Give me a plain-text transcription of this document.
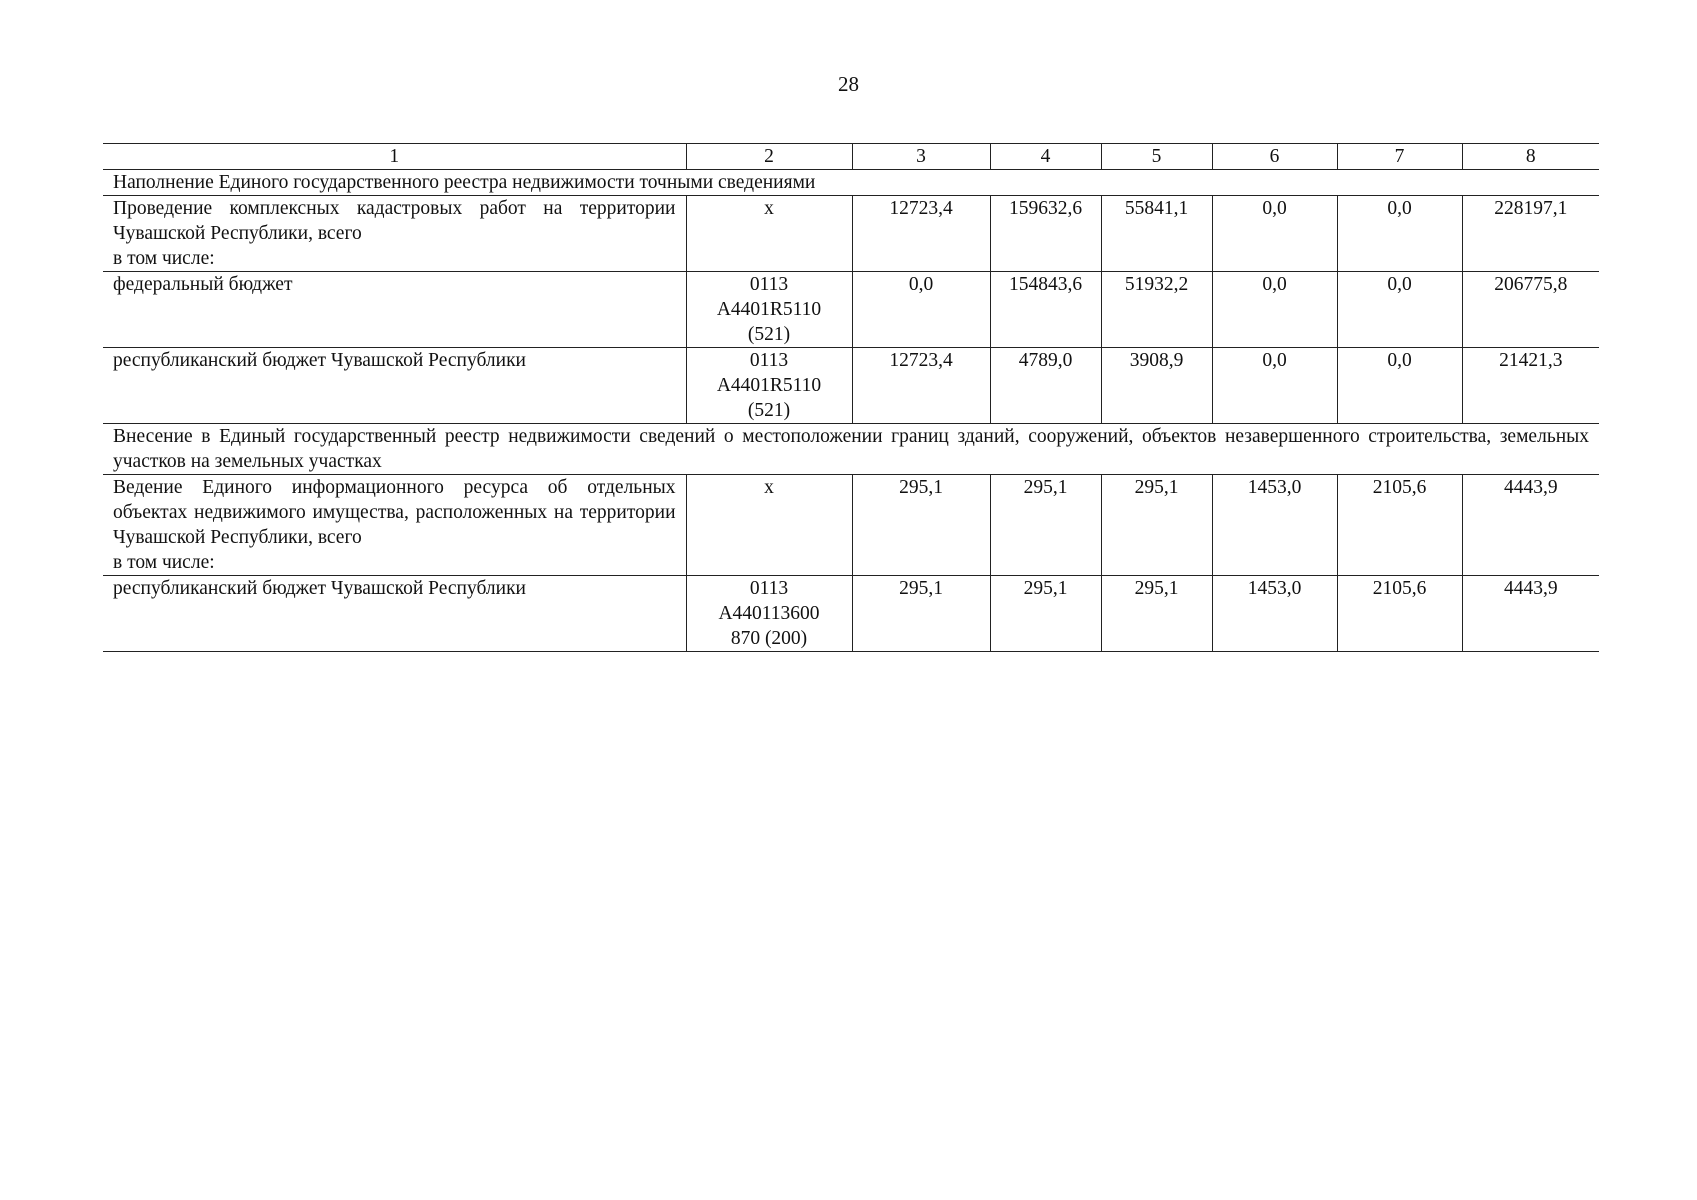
28
1	2	3	4	5	6	7	8
Наполнение Единого государственного реестра недвижимости точными сведениями							

Проведение комплексных кадастровых работ на территории Чувашской Республики, всего
в том числе:	х	12723,4	159632,6	55841,1	0,0	0,0	228197,1

федеральный бюджет	0113
А4401R5110
(521)	0,0	154843,6	51932,2	0,0	0,0	206775,8

республиканский бюджет Чувашской Республики	0113
А4401R5110
(521)	12723,4	4789,0	3908,9	0,0	0,0	21421,3
Внесение в Единый государственный реестр недвижимости сведений о местоположении границ зданий, сооружений, объектов незавершенного строительства, земельных участков на земельных участках							

Ведение Единого информационного ресурса об отдельных объектах недвижимого имущества, расположенных на территории Чувашской Республики, всего
в том числе:	х	295,1	295,1	295,1	1453,0	2105,6	4443,9

республиканский бюджет Чувашской Республики	0113
А440113600
870 (200)	295,1	295,1	295,1	1453,0	2105,6	4443,9
